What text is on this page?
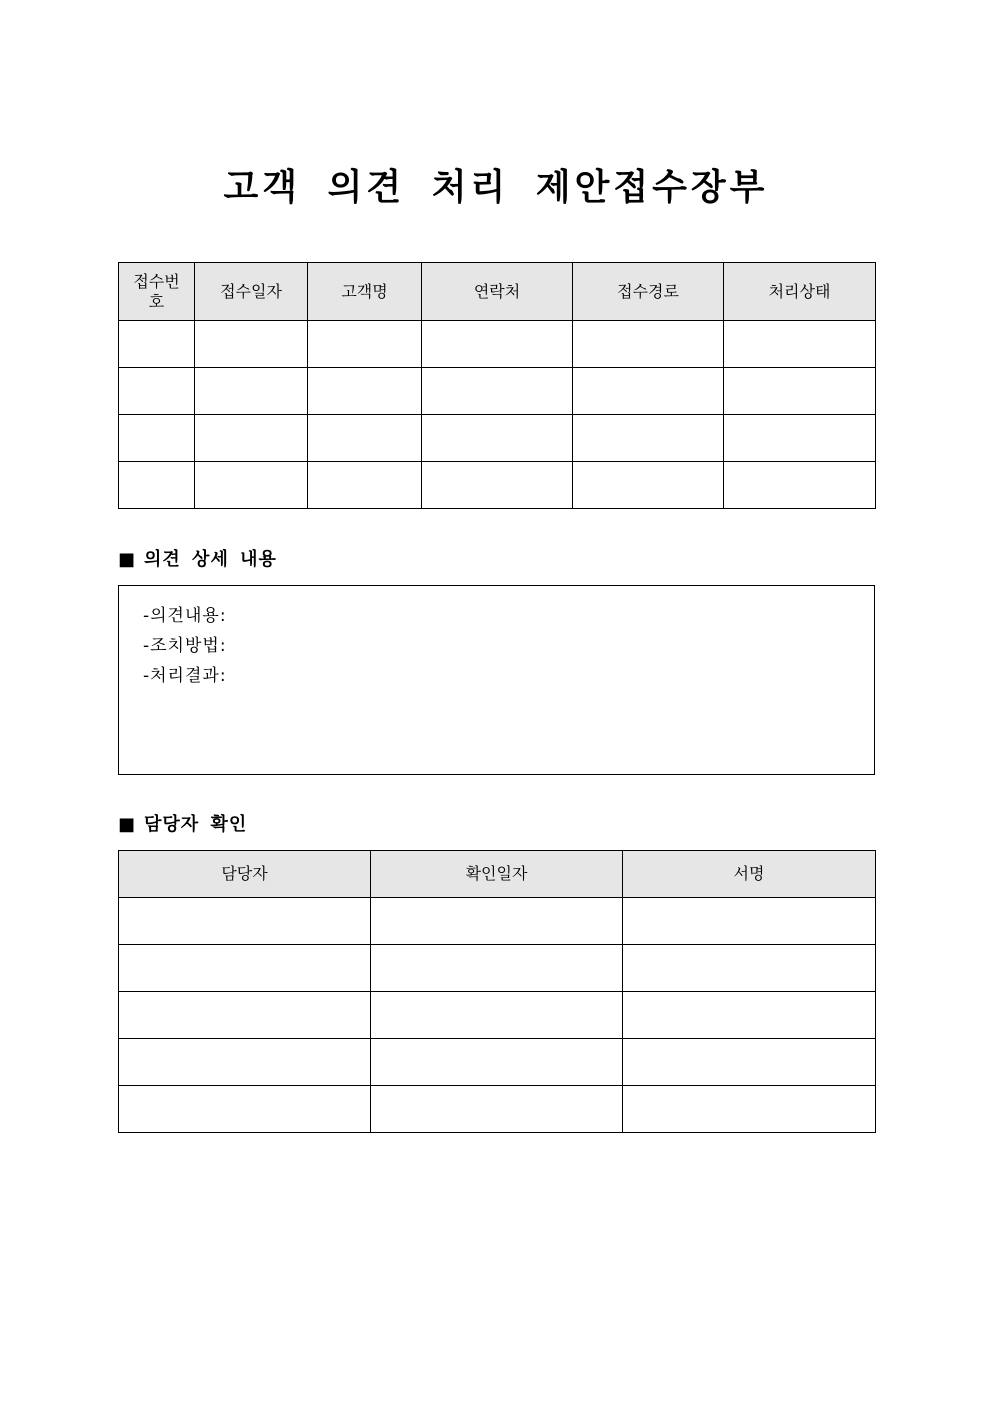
고객 의견 처리 제안접수장부
접수번호	접수일자	고객명	연락처	접수경로	처리상태

■ 의견 상세 내용
-의견내용:
-조치방법:
-처리결과:
■ 담당자 확인
담당자	확인일자	서명
